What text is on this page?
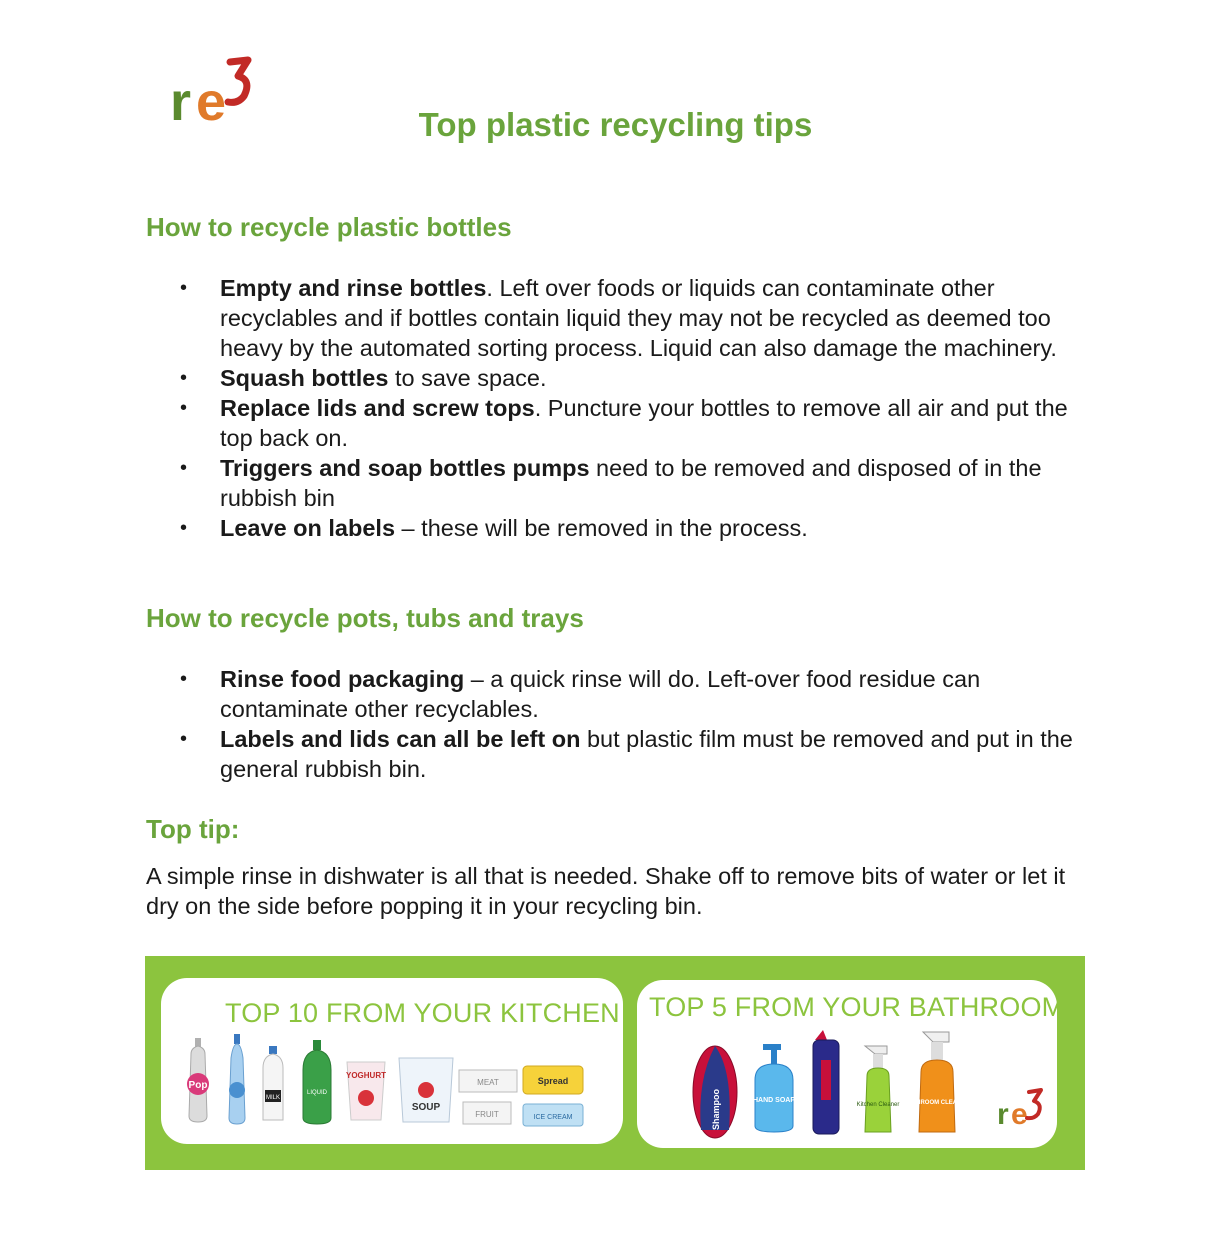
r e	Top plastic recycling tips
How to recycle plastic bottles
• Empty and rinse bottles. Left over foods or liquids can contaminate other recyclables and if bottles contain liquid they may not be recycled as deemed too heavy by the automated sorting process. Liquid can also damage the machinery.
• Squash bottles to save space.
• Replace lids and screw tops. Puncture your bottles to remove all air and put the top back on.
• Triggers and soap bottles pumps need to be removed and disposed of in the rubbish bin
• Leave on labels – these will be removed in the process.
How to recycle pots, tubs and trays
• Rinse food packaging – a quick rinse will do. Left-over food residue can contaminate other recyclables.
• Labels and lids can all be left on but plastic film must be removed and put in the general rubbish bin.
Top tip:

A simple rinse in dishwater is all that is needed. Shake off to remove bits of water or let it dry on the side before popping it in your recycling bin.

TOP 10 FROM YOUR KITCHEN
Pop
MILK
LIQUID
YOGHURT
SOUP
MEAT
FRUIT
Spread
ICE CREAM
TOP 5 FROM YOUR BATHROOM
Shampoo	HAND SOAP
Kitchen Cleaner BATHROOM CLEANER r e
